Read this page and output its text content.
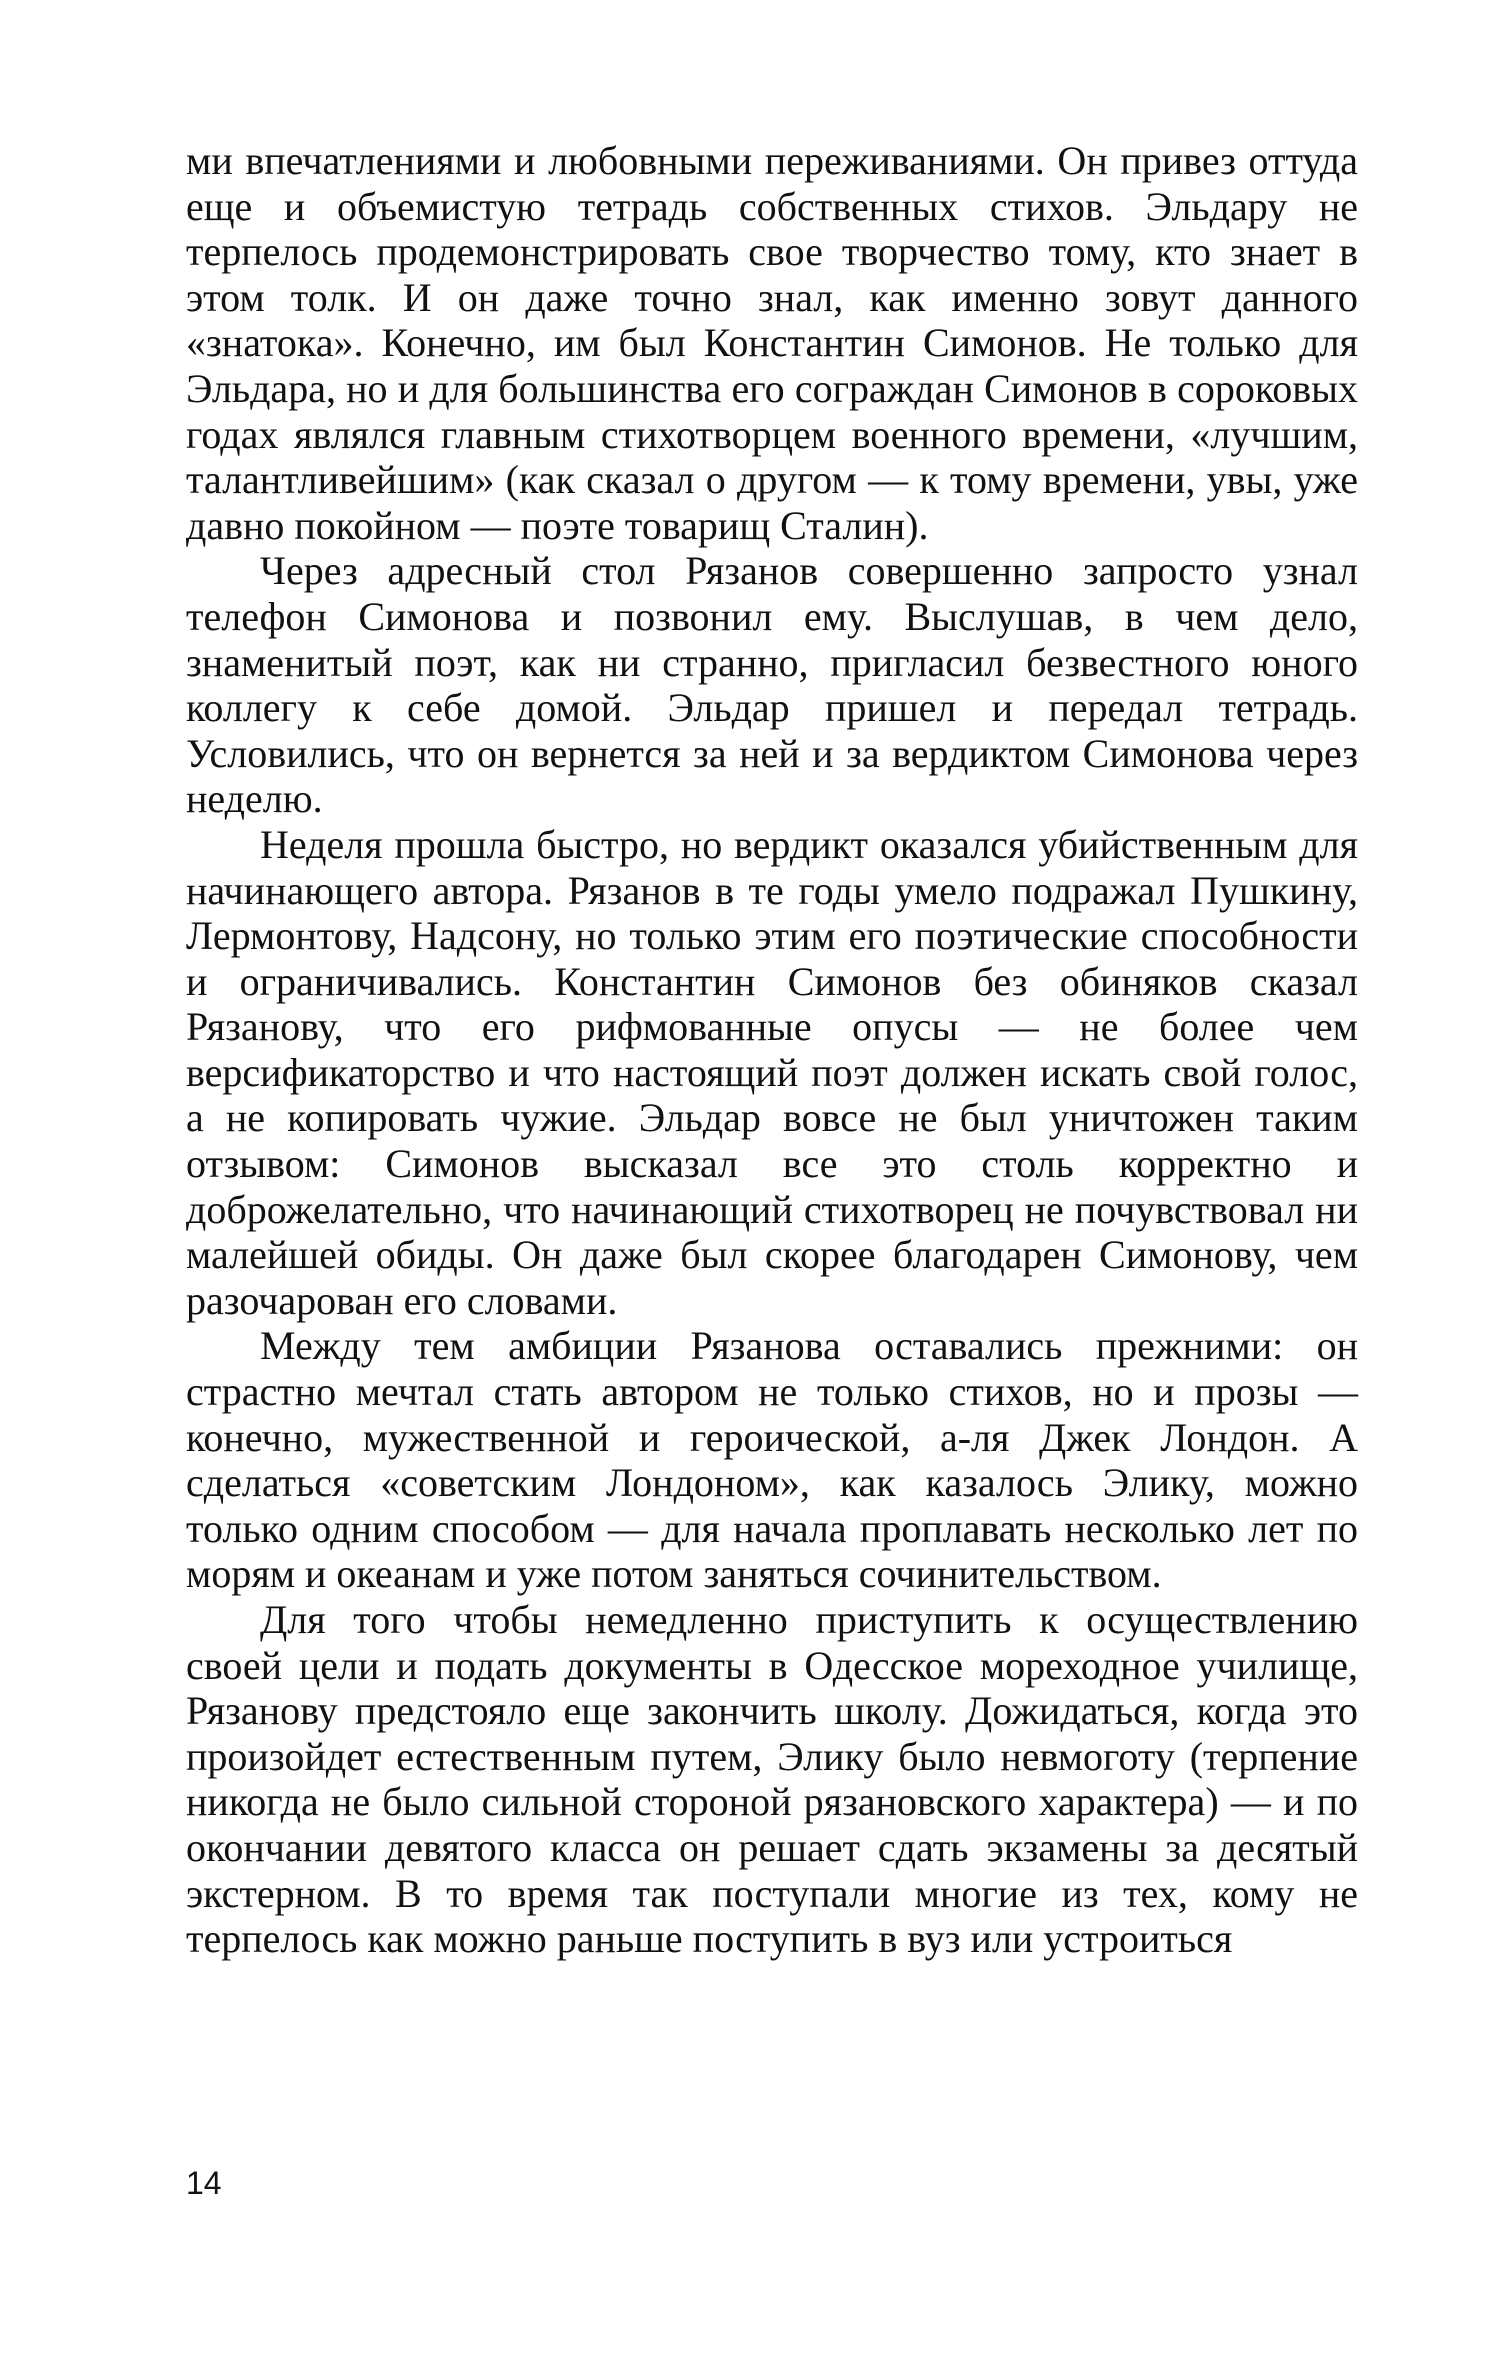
ми впечатлениями и любовными переживаниями. Он привез оттуда еще и объемистую тетрадь собственных стихов. Эльдару не терпелось продемонстрировать свое творчество тому, кто знает в этом толк. И он даже точно знал, как именно зовут данного «знатока». Конечно, им был Константин Симонов. Не только для Эльдара, но и для большинства его сограждан Симонов в сороковых годах являлся главным стихотворцем военного времени, «лучшим, талантливейшим» (как сказал о другом — к тому времени, увы, уже давно покойном — поэте товарищ Сталин).

Через адресный стол Рязанов совершенно запросто узнал телефон Симонова и позвонил ему. Выслушав, в чем дело, знаменитый поэт, как ни странно, пригласил безвестного юного коллегу к себе домой. Эльдар пришел и передал тетрадь. Условились, что он вернется за ней и за вердиктом Симонова через неделю.

Неделя прошла быстро, но вердикт оказался убийственным для начинающего автора. Рязанов в те годы умело подражал Пушкину, Лермонтову, Надсону, но только этим его поэтические способности и ограничивались. Константин Симонов без обиняков сказал Рязанову, что его рифмованные опусы — не более чем версификаторство и что настоящий поэт должен искать свой голос, а не копировать чужие. Эльдар вовсе не был уничтожен таким отзывом: Симонов высказал все это столь корректно и доброжелательно, что начинающий стихотворец не почувствовал ни малейшей обиды. Он даже был скорее благодарен Симонову, чем разочарован его словами.

Между тем амбиции Рязанова оставались прежними: он страстно мечтал стать автором не только стихов, но и прозы — конечно, мужественной и героической, а-ля Джек Лондон. А сделаться «советским Лондоном», как казалось Элику, можно только одним способом — для начала проплавать несколько лет по морям и океанам и уже потом заняться сочинительством.

Для того чтобы немедленно приступить к осуществлению своей цели и подать документы в Одесское мореходное училище, Рязанову предстояло еще закончить школу. Дожидаться, когда это произойдет естественным путем, Элику было невмоготу (терпение никогда не было сильной стороной рязановского характера) — и по окончании девятого класса он решает сдать экзамены за десятый экстерном. В то время так поступали многие из тех, кому не терпелось как можно раньше поступить в вуз или устроиться

14
